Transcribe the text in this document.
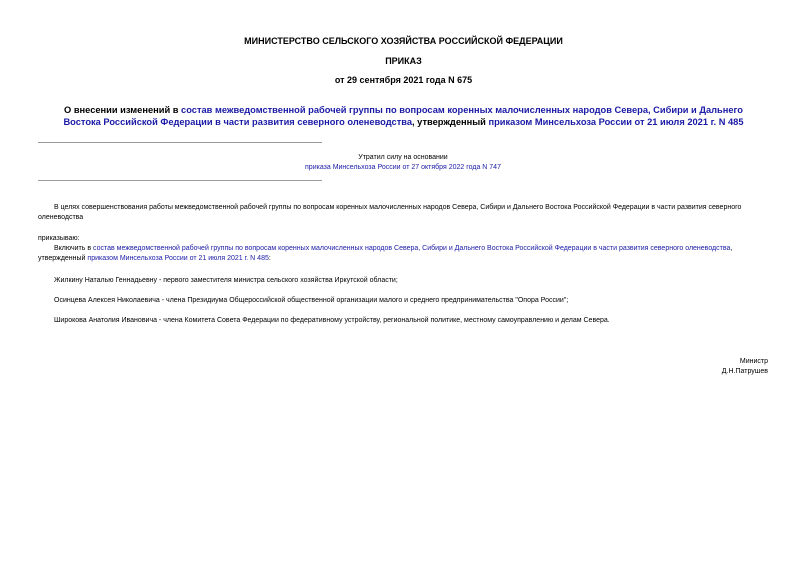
МИНИСТЕРСТВО СЕЛЬСКОГО ХОЗЯЙСТВА РОССИЙСКОЙ ФЕДЕРАЦИИ
ПРИКАЗ
от 29 сентября 2021 года N 675
О внесении изменений в состав межведомственной рабочей группы по вопросам коренных малочисленных народов Севера, Сибири и Дальнего Востока Российской Федерации в части развития северного оленеводства, утвержденный приказом Минсельхоза России от 21 июля 2021 г. N 485
Утратил силу на основании
приказа Минсельхоза России от 27 октября 2022 года N 747
В целях совершенствования работы межведомственной рабочей группы по вопросам коренных малочисленных народов Севера, Сибири и Дальнего Востока Российской Федерации в части развития северного оленеводства
приказываю:
Включить в состав межведомственной рабочей группы по вопросам коренных малочисленных народов Севера, Сибири и Дальнего Востока Российской Федерации в части развития северного оленеводства, утвержденный приказом Минсельхоза России от 21 июля 2021 г. N 485:
Жилкину Наталью Геннадьевну - первого заместителя министра сельского хозяйства Иркутской области;
Осинцева Алексея Николаевича - члена Президиума Общероссийской общественной организации малого и среднего предпринимательства "Опора России";
Широкова Анатолия Ивановича - члена Комитета Совета Федерации по федеративному устройству, региональной политике, местному самоуправлению и делам Севера.
Министр
Д.Н.Патрушев
